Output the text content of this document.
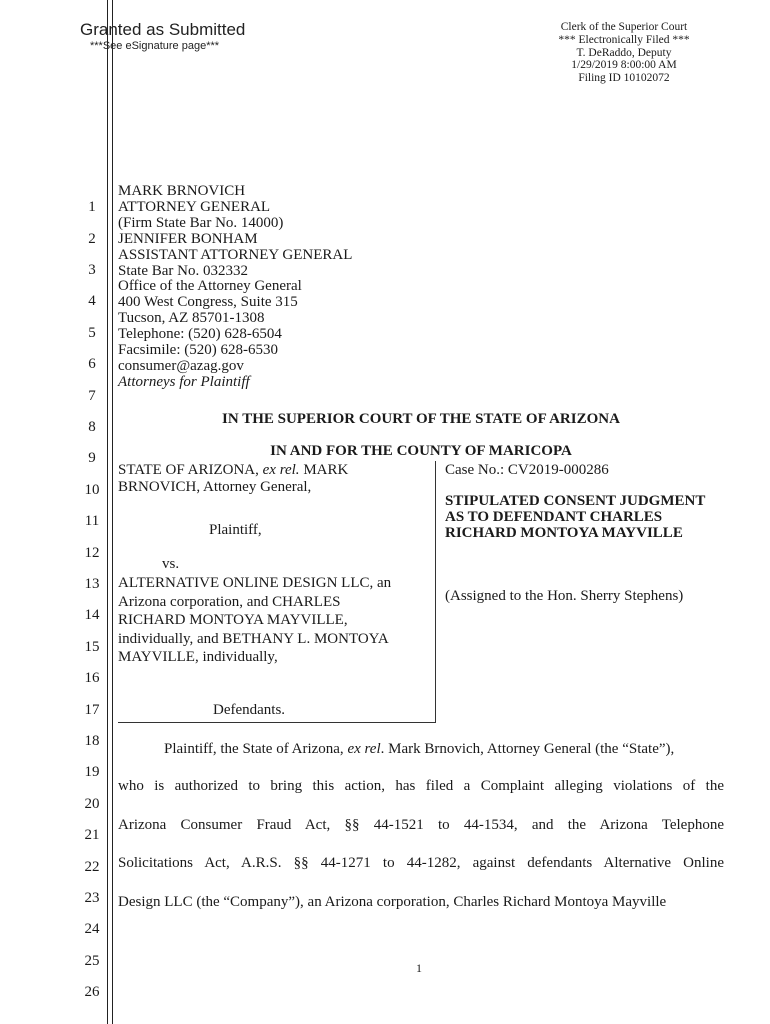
Granted as Submitted
***See eSignature page***
Clerk of the Superior Court
*** Electronically Filed ***
T. DeRaddo, Deputy
1/29/2019 8:00:00 AM
Filing ID 10102072
1
2
3
4
5
6
7
8
9
10
11
12
13
14
15
16
17
18
19
20
21
22
23
24
25
26
MARK BRNOVICH
ATTORNEY GENERAL
(Firm State Bar No. 14000)
JENNIFER BONHAM
ASSISTANT ATTORNEY GENERAL
State Bar No. 032332
Office of the Attorney General
400 West Congress, Suite 315
Tucson, AZ 85701-1308
Telephone: (520) 628-6504
Facsimile: (520) 628-6530
consumer@azag.gov
Attorneys for Plaintiff
IN THE SUPERIOR COURT OF THE STATE OF ARIZONA
IN AND FOR THE COUNTY OF MARICOPA
STATE OF ARIZONA, ex rel. MARK
BRNOVICH, Attorney General,
Plaintiff,
vs.
ALTERNATIVE ONLINE DESIGN LLC, an
Arizona corporation, and CHARLES
RICHARD MONTOYA MAYVILLE,
individually, and BETHANY L. MONTOYA
MAYVILLE, individually,
Defendants.
Case No.: CV2019-000286
STIPULATED CONSENT JUDGMENT
AS TO DEFENDANT CHARLES
RICHARD MONTOYA MAYVILLE
(Assigned to the Hon. Sherry Stephens)
Plaintiff, the State of Arizona, ex rel. Mark Brnovich, Attorney General (the “State”),
who is authorized to bring this action, has filed a Complaint alleging violations of the
Arizona Consumer Fraud Act, §§ 44-1521 to 44-1534, and the Arizona Telephone
Solicitations Act, A.R.S. §§ 44-1271 to 44-1282, against defendants Alternative Online
Design LLC (the “Company”), an Arizona corporation, Charles Richard Montoya Mayville
1
